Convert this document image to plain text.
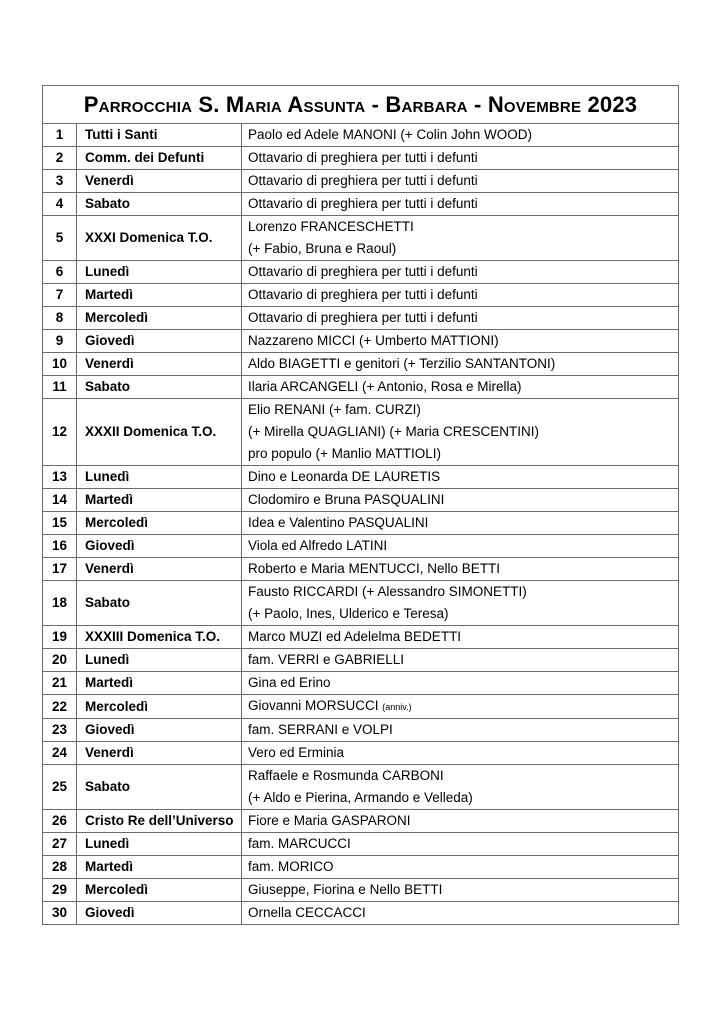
Parrocchia S. Maria Assunta - Barbara - Novembre 2023		
1	Tutti i Santi	Paolo ed Adele MANONI (+ Colin John WOOD)

2	Comm. dei Defunti	Ottavario di preghiera per tutti i defunti

3	Venerdì	Ottavario di preghiera per tutti i defunti

4	Sabato	Ottavario di preghiera per tutti i defunti

5	XXXI Domenica T.O.	Lorenzo FRANCESCHETTI
(+ Fabio, Bruna e Raoul)

6	Lunedì	Ottavario di preghiera per tutti i defunti

7	Martedì	Ottavario di preghiera per tutti i defunti

8	Mercoledì	Ottavario di preghiera per tutti i defunti

9	Giovedì	Nazzareno MICCI (+ Umberto MATTIONI)

10	Venerdì	Aldo BIAGETTI e genitori (+ Terzilio SANTANTONI)

11	Sabato	Ilaria ARCANGELI (+ Antonio, Rosa e Mirella)

12	XXXII Domenica T.O.	Elio RENANI (+ fam. CURZI)
(+ Mirella QUAGLIANI) (+ Maria CRESCENTINI)
pro populo (+ Manlio MATTIOLI)

13	Lunedì	Dino e Leonarda DE LAURETIS

14	Martedì	Clodomiro e Bruna PASQUALINI

15	Mercoledì	Idea e Valentino PASQUALINI

16	Giovedì	Viola ed Alfredo LATINI

17	Venerdì	Roberto e Maria MENTUCCI, Nello BETTI

18	Sabato	Fausto RICCARDI (+ Alessandro SIMONETTI)
(+ Paolo, Ines, Ulderico e Teresa)

19	XXXIII Domenica T.O.	Marco MUZI ed Adelelma BEDETTI

20	Lunedì	fam. VERRI e GABRIELLI

21	Martedì	Gina ed Erino

22	Mercoledì	Giovanni MORSUCCI (anniv.)
23	Giovedì	fam. SERRANI e VOLPI

24	Venerdì	Vero ed Erminia

25	Sabato	Raffaele e Rosmunda CARBONI
(+ Aldo e Pierina, Armando e Velleda)

26	Cristo Re dell’Universo	Fiore e Maria GASPARONI

27	Lunedì	fam. MARCUCCI

28	Martedì	fam. MORICO

29	Mercoledì	Giuseppe, Fiorina e Nello BETTI

30	Giovedì	Ornella CECCACCI
